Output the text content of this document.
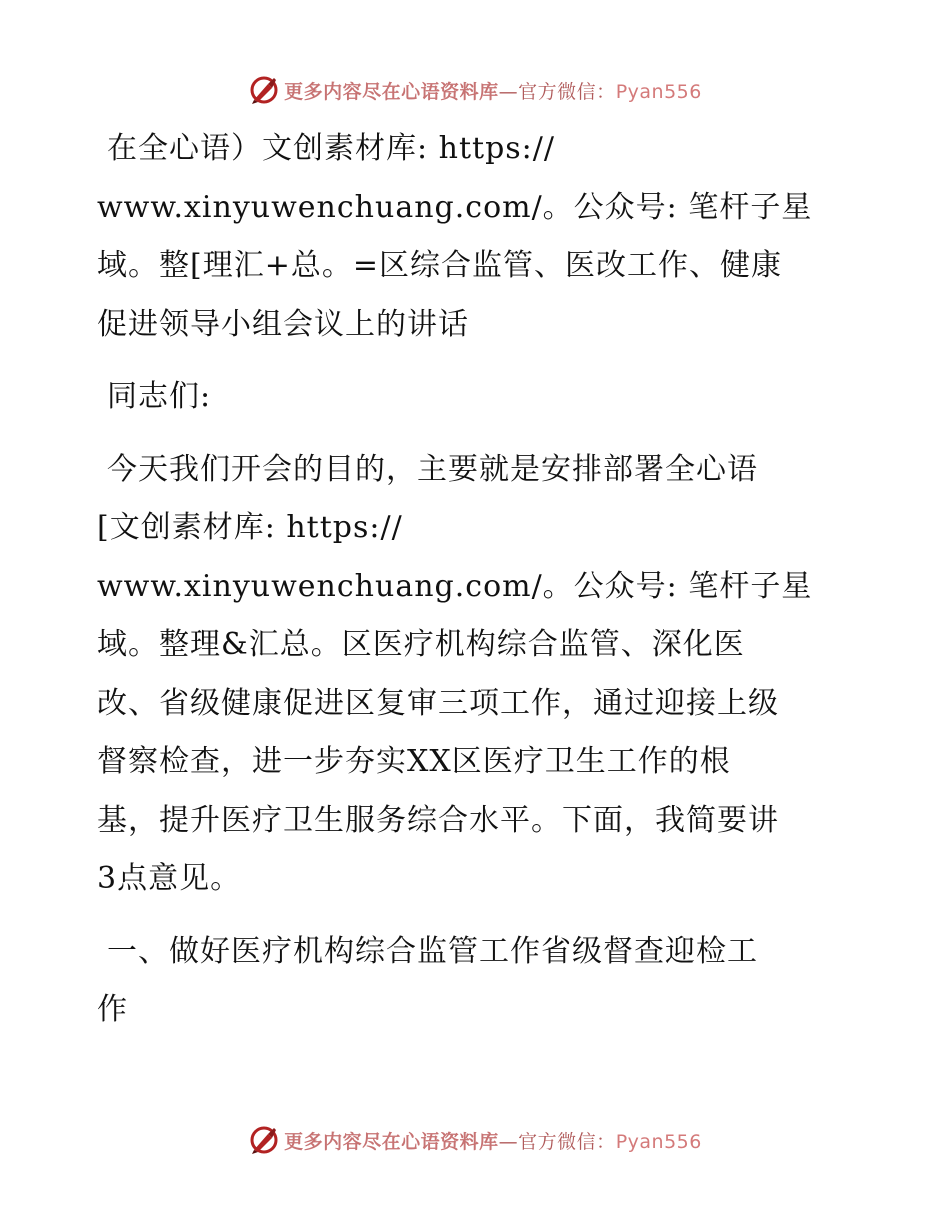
更多内容尽在心语资料库—官方微信：Pyan556

在全心语）文创素材库: https://
www.xinyuwenchuang.com/。公众号: 笔杆子星
域。整[理汇+总。=区综合监管、医改工作、健康
促进领导小组会议上的讲话

同志们:

今天我们开会的目的，主要就是安排部署全心语
[文创素材库: https://
www.xinyuwenchuang.com/。公众号: 笔杆子星
域。整理&汇总。区医疗机构综合监管、深化医
改、省级健康促进区复审三项工作，通过迎接上级
督察检查，进一步夯实XX区医疗卫生工作的根
基，提升医疗卫生服务综合水平。下面，我简要讲
3点意见。

一、做好医疗机构综合监管工作省级督查迎检工
作

更多内容尽在心语资料库—官方微信：Pyan556
